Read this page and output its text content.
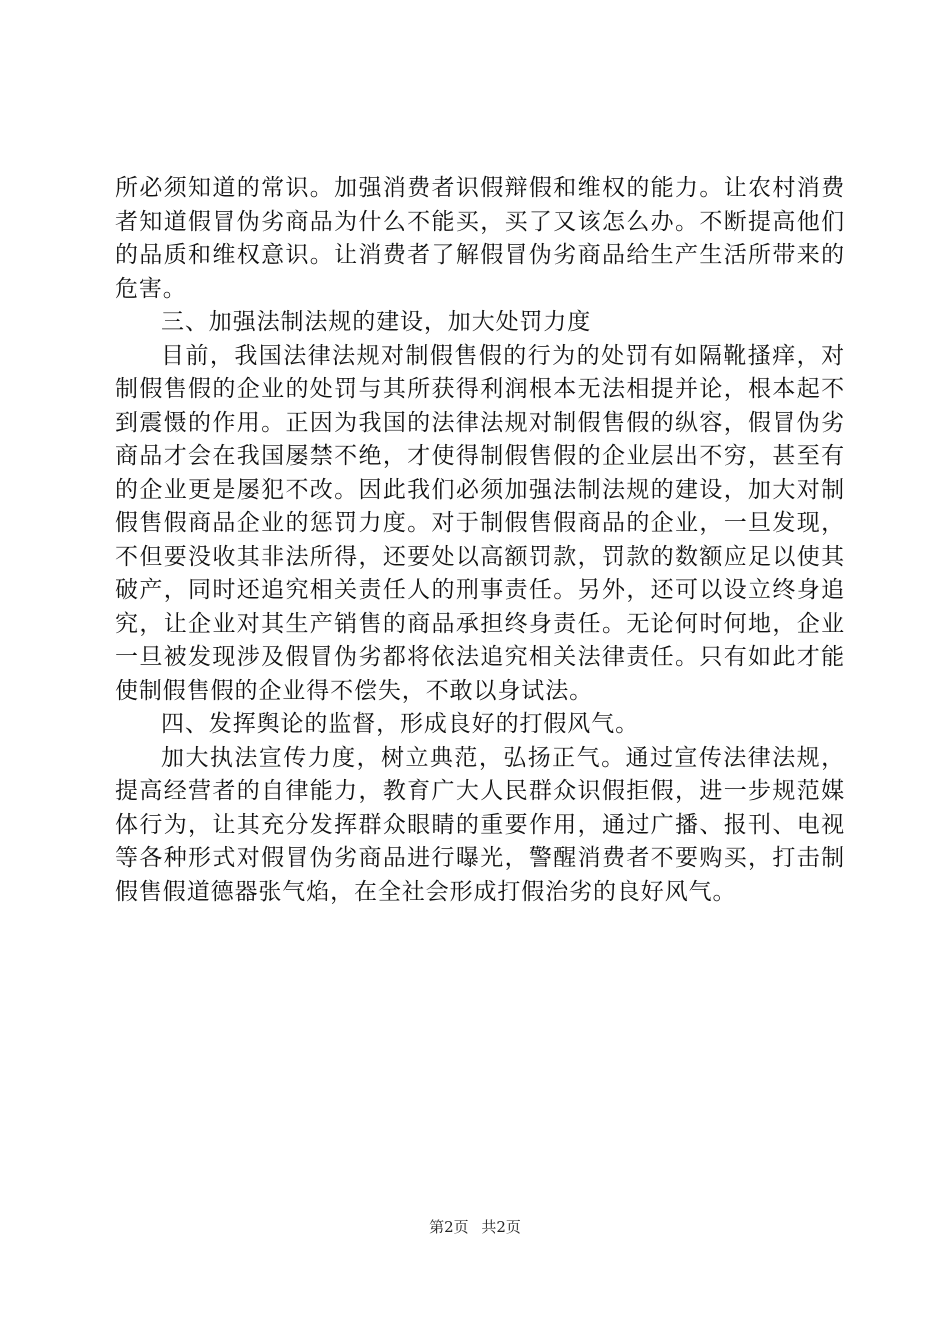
所必须知道的常识。加强消费者识假辩假和维权的能力。让农村消费者知道假冒伪劣商品为什么不能买，买了又该怎么办。不断提高他们的品质和维权意识。让消费者了解假冒伪劣商品给生产生活所带来的危害。

三、加强法制法规的建设，加大处罚力度

目前，我国法律法规对制假售假的行为的处罚有如隔靴搔痒，对制假售假的企业的处罚与其所获得利润根本无法相提并论，根本起不到震慑的作用。正因为我国的法律法规对制假售假的纵容，假冒伪劣商品才会在我国屡禁不绝，才使得制假售假的企业层出不穷，甚至有的企业更是屡犯不改。因此我们必须加强法制法规的建设，加大对制假售假商品企业的惩罚力度。对于制假售假商品的企业，一旦发现，不但要没收其非法所得，还要处以高额罚款，罚款的数额应足以使其破产，同时还追究相关责任人的刑事责任。另外，还可以设立终身追究，让企业对其生产销售的商品承担终身责任。无论何时何地，企业一旦被发现涉及假冒伪劣都将依法追究相关法律责任。只有如此才能使制假售假的企业得不偿失，不敢以身试法。

四、发挥舆论的监督，形成良好的打假风气。

加大执法宣传力度，树立典范，弘扬正气。通过宣传法律法规，提高经营者的自律能力，教育广大人民群众识假拒假，进一步规范媒体行为，让其充分发挥群众眼睛的重要作用，通过广播、报刊、电视等各种形式对假冒伪劣商品进行曝光，警醒消费者不要购买，打击制假售假道德器张气焰，在全社会形成打假治劣的良好风气。

第2页 共2页
